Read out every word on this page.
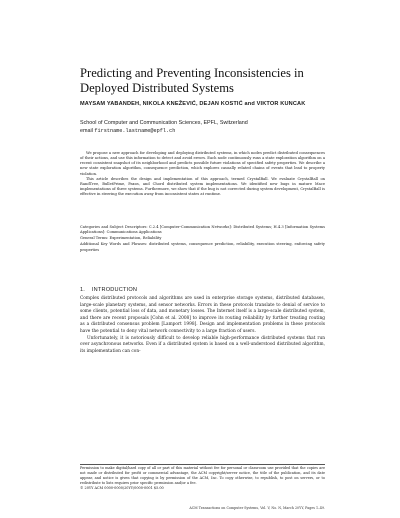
Predicting and Preventing Inconsistencies in Deployed Distributed Systems
MAYSAM YABANDEH, NIKOLA KNEŽEVIĆ, DEJAN KOSTIĆ and VIKTOR KUNCAK
School of Computer and Communication Sciences, EPFL, Switzerland
email firstname.lastname@epfl.ch

We propose a new approach for developing and deploying distributed systems, in which nodes predict distributed consequences of their actions, and use this information to detect and avoid errors. Each node continuously runs a state exploration algorithm on a recent consistent snapshot of its neighborhood and predicts possible future violations of specified safety properties. We describe a new state exploration algorithm, consequence prediction, which explores causally related chains of events that lead to property violation.

This article describes the design and implementation of this approach, termed CrystalBall. We evaluate CrystalBall on RandTree, BulletPrime, Paxos, and Chord distributed system implementations. We identified new bugs in mature Mace implementations of three systems. Furthermore, we show that if the bug is not corrected during system development, CrystalBall is effective in steering the execution away from inconsistent states at runtime.

Categories and Subject Descriptors: C.2.4 [Computer-Communication Networks]: Distributed Systems; H.4.3 [Information Systems Applications]: Communications Applications

General Terms: Experimentation, Reliability

Additional Key Words and Phrases: distributed systems, consequence prediction, reliability, execution steering, enforcing safety properties

1. INTRODUCTION

Complex distributed protocols and algorithms are used in enterprise storage systems, distributed databases, large-scale planetary systems, and sensor networks. Errors in these protocols translate to denial of service to some clients, potential loss of data, and monetary losses. The Internet itself is a large-scale distributed system, and there are recent proposals [Cohn et al. 2008] to improve its routing reliability by further treating routing as a distributed consensus problem [Lamport 1998]. Design and implementation problems in these protocols have the potential to deny vital network connectivity to a large fraction of users.

Unfortunately, it is notoriously difficult to develop reliable high-performance distributed systems that run over asynchronous networks. Even if a distributed system is based on a well-understood distributed algorithm, its implementation can con-

Permission to make digital/hard copy of all or part of this material without fee for personal or classroom use provided that the copies are not made or distributed for profit or commercial advantage, the ACM copyright/server notice, the title of the publication, and its date appear, and notice is given that copying is by permission of the ACM, Inc. To copy otherwise, to republish, to post on servers, or to redistribute to lists requires prior specific permission and/or a fee.

© 20YY ACM 0000-0000/20YY/0000-0001 $5.00

ACM Transactions on Computer Systems, Vol. V, No. N, March 20YY, Pages 1–49.
